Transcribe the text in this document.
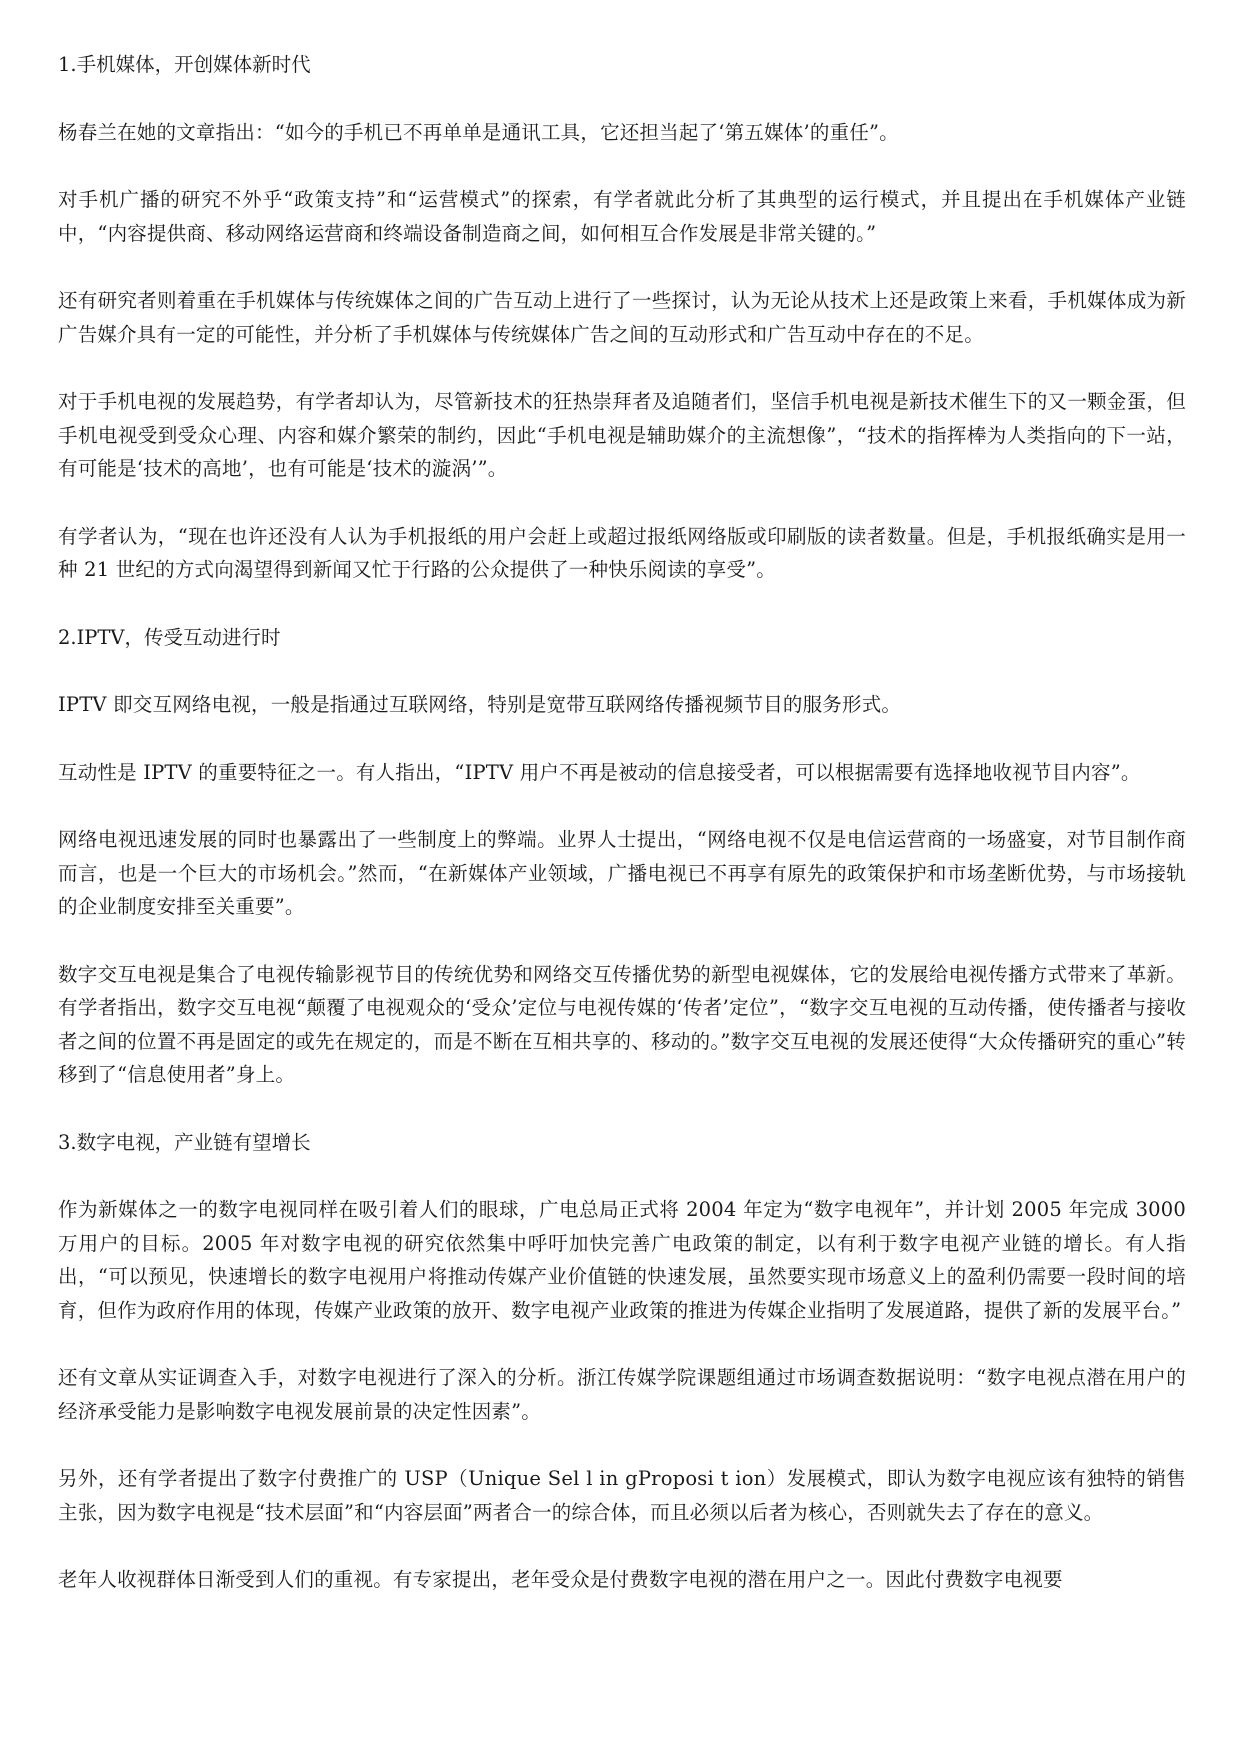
1.手机媒体，开创媒体新时代

杨春兰在她的文章指出：“如今的手机已不再单单是通讯工具，它还担当起了‘第五媒体’的重任”。

对手机广播的研究不外乎“政策支持”和“运营模式”的探索，有学者就此分析了其典型的运行模式，并且提出在手机媒体产业链中，“内容提供商、移动网络运营商和终端设备制造商之间，如何相互合作发展是非常关键的。”

还有研究者则着重在手机媒体与传统媒体之间的广告互动上进行了一些探讨，认为无论从技术上还是政策上来看，手机媒体成为新广告媒介具有一定的可能性，并分析了手机媒体与传统媒体广告之间的互动形式和广告互动中存在的不足。

对于手机电视的发展趋势，有学者却认为，尽管新技术的狂热崇拜者及追随者们，坚信手机电视是新技术催生下的又一颗金蛋，但手机电视受到受众心理、内容和媒介繁荣的制约，因此“手机电视是辅助媒介的主流想像”，“技术的指挥棒为人类指向的下一站，有可能是‘技术的高地’，也有可能是‘技术的漩涡’”。

有学者认为，“现在也许还没有人认为手机报纸的用户会赶上或超过报纸网络版或印刷版的读者数量。但是，手机报纸确实是用一种 21 世纪的方式向渴望得到新闻又忙于行路的公众提供了一种快乐阅读的享受”。

2.IPTV，传受互动进行时

IPTV 即交互网络电视，一般是指通过互联网络，特别是宽带互联网络传播视频节目的服务形式。

互动性是 IPTV 的重要特征之一。有人指出，“IPTV 用户不再是被动的信息接受者，可以根据需要有选择地收视节目内容”。

网络电视迅速发展的同时也暴露出了一些制度上的弊端。业界人士提出，“网络电视不仅是电信运营商的一场盛宴，对节目制作商而言，也是一个巨大的市场机会。”然而，“在新媒体产业领域，广播电视已不再享有原先的政策保护和市场垄断优势，与市场接轨的企业制度安排至关重要”。

数字交互电视是集合了电视传输影视节目的传统优势和网络交互传播优势的新型电视媒体，它的发展给电视传播方式带来了革新。有学者指出，数字交互电视“颠覆了电视观众的‘受众’定位与电视传媒的‘传者’定位”，“数字交互电视的互动传播，使传播者与接收者之间的位置不再是固定的或先在规定的，而是不断在互相共享的、移动的。”数字交互电视的发展还使得“大众传播研究的重心”转移到了“信息使用者”身上。

3.数字电视，产业链有望增长

作为新媒体之一的数字电视同样在吸引着人们的眼球，广电总局正式将 2004 年定为“数字电视年”，并计划 2005 年完成 3000 万用户的目标。2005 年对数字电视的研究依然集中呼吁加快完善广电政策的制定，以有利于数字电视产业链的增长。有人指出，“可以预见，快速增长的数字电视用户将推动传媒产业价值链的快速发展，虽然要实现市场意义上的盈利仍需要一段时间的培育，但作为政府作用的体现，传媒产业政策的放开、数字电视产业政策的推进为传媒企业指明了发展道路，提供了新的发展平台。”

还有文章从实证调查入手，对数字电视进行了深入的分析。浙江传媒学院课题组通过市场调查数据说明：“数字电视点潜在用户的经济承受能力是影响数字电视发展前景的决定性因素”。

另外，还有学者提出了数字付费推广的 USP（Unique Sel l in gProposi t ion）发展模式，即认为数字电视应该有独特的销售主张，因为数字电视是“技术层面”和“内容层面”两者合一的综合体，而且必须以后者为核心，否则就失去了存在的意义。

老年人收视群体日渐受到人们的重视。有专家提出，老年受众是付费数字电视的潜在用户之一。因此付费数字电视要
